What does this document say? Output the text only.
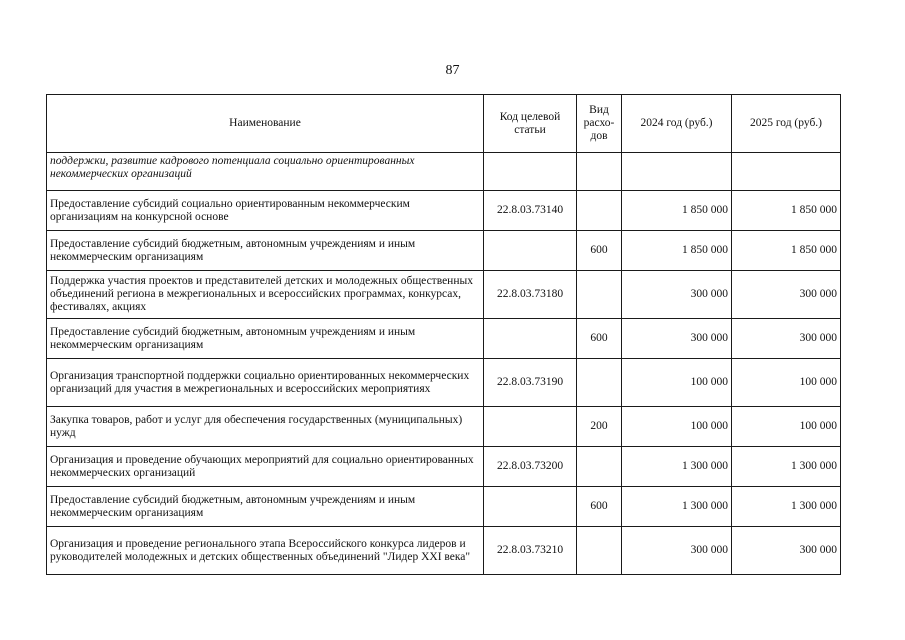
87
Наименование	Код целевой статьи	Вид расхо-дов	2024 год (руб.)	2025 год (руб.)
поддержки, развитие кадрового потенциала социально ориентированных некоммерческих организаций				
Предоставление субсидий социально ориентированным некоммерческим организациям на конкурсной основе	22.8.03.73140		1 850 000	1 850 000
Предоставление субсидий бюджетным, автономным учреждениям и иным некоммерческим организациям		600	1 850 000	1 850 000
Поддержка участия проектов и представителей детских и молодежных общественных объединений региона в межрегиональных и всероссийских программах, конкурсах, фестивалях, акциях	22.8.03.73180		300 000	300 000
Предоставление субсидий бюджетным, автономным учреждениям и иным некоммерческим организациям		600	300 000	300 000
Организация транспортной поддержки социально ориентированных некоммерческих организаций для участия в межрегиональных и всероссийских мероприятиях	22.8.03.73190		100 000	100 000
Закупка товаров, работ и услуг для обеспечения государственных (муниципальных) нужд		200	100 000	100 000
Организация и проведение обучающих мероприятий для социально ориентированных некоммерческих организаций	22.8.03.73200		1 300 000	1 300 000
Предоставление субсидий бюджетным, автономным учреждениям и иным некоммерческим организациям		600	1 300 000	1 300 000
Организация и проведение регионального этапа Всероссийского конкурса лидеров и руководителей молодежных и детских общественных объединений "Лидер XXI века"	22.8.03.73210		300 000	300 000
